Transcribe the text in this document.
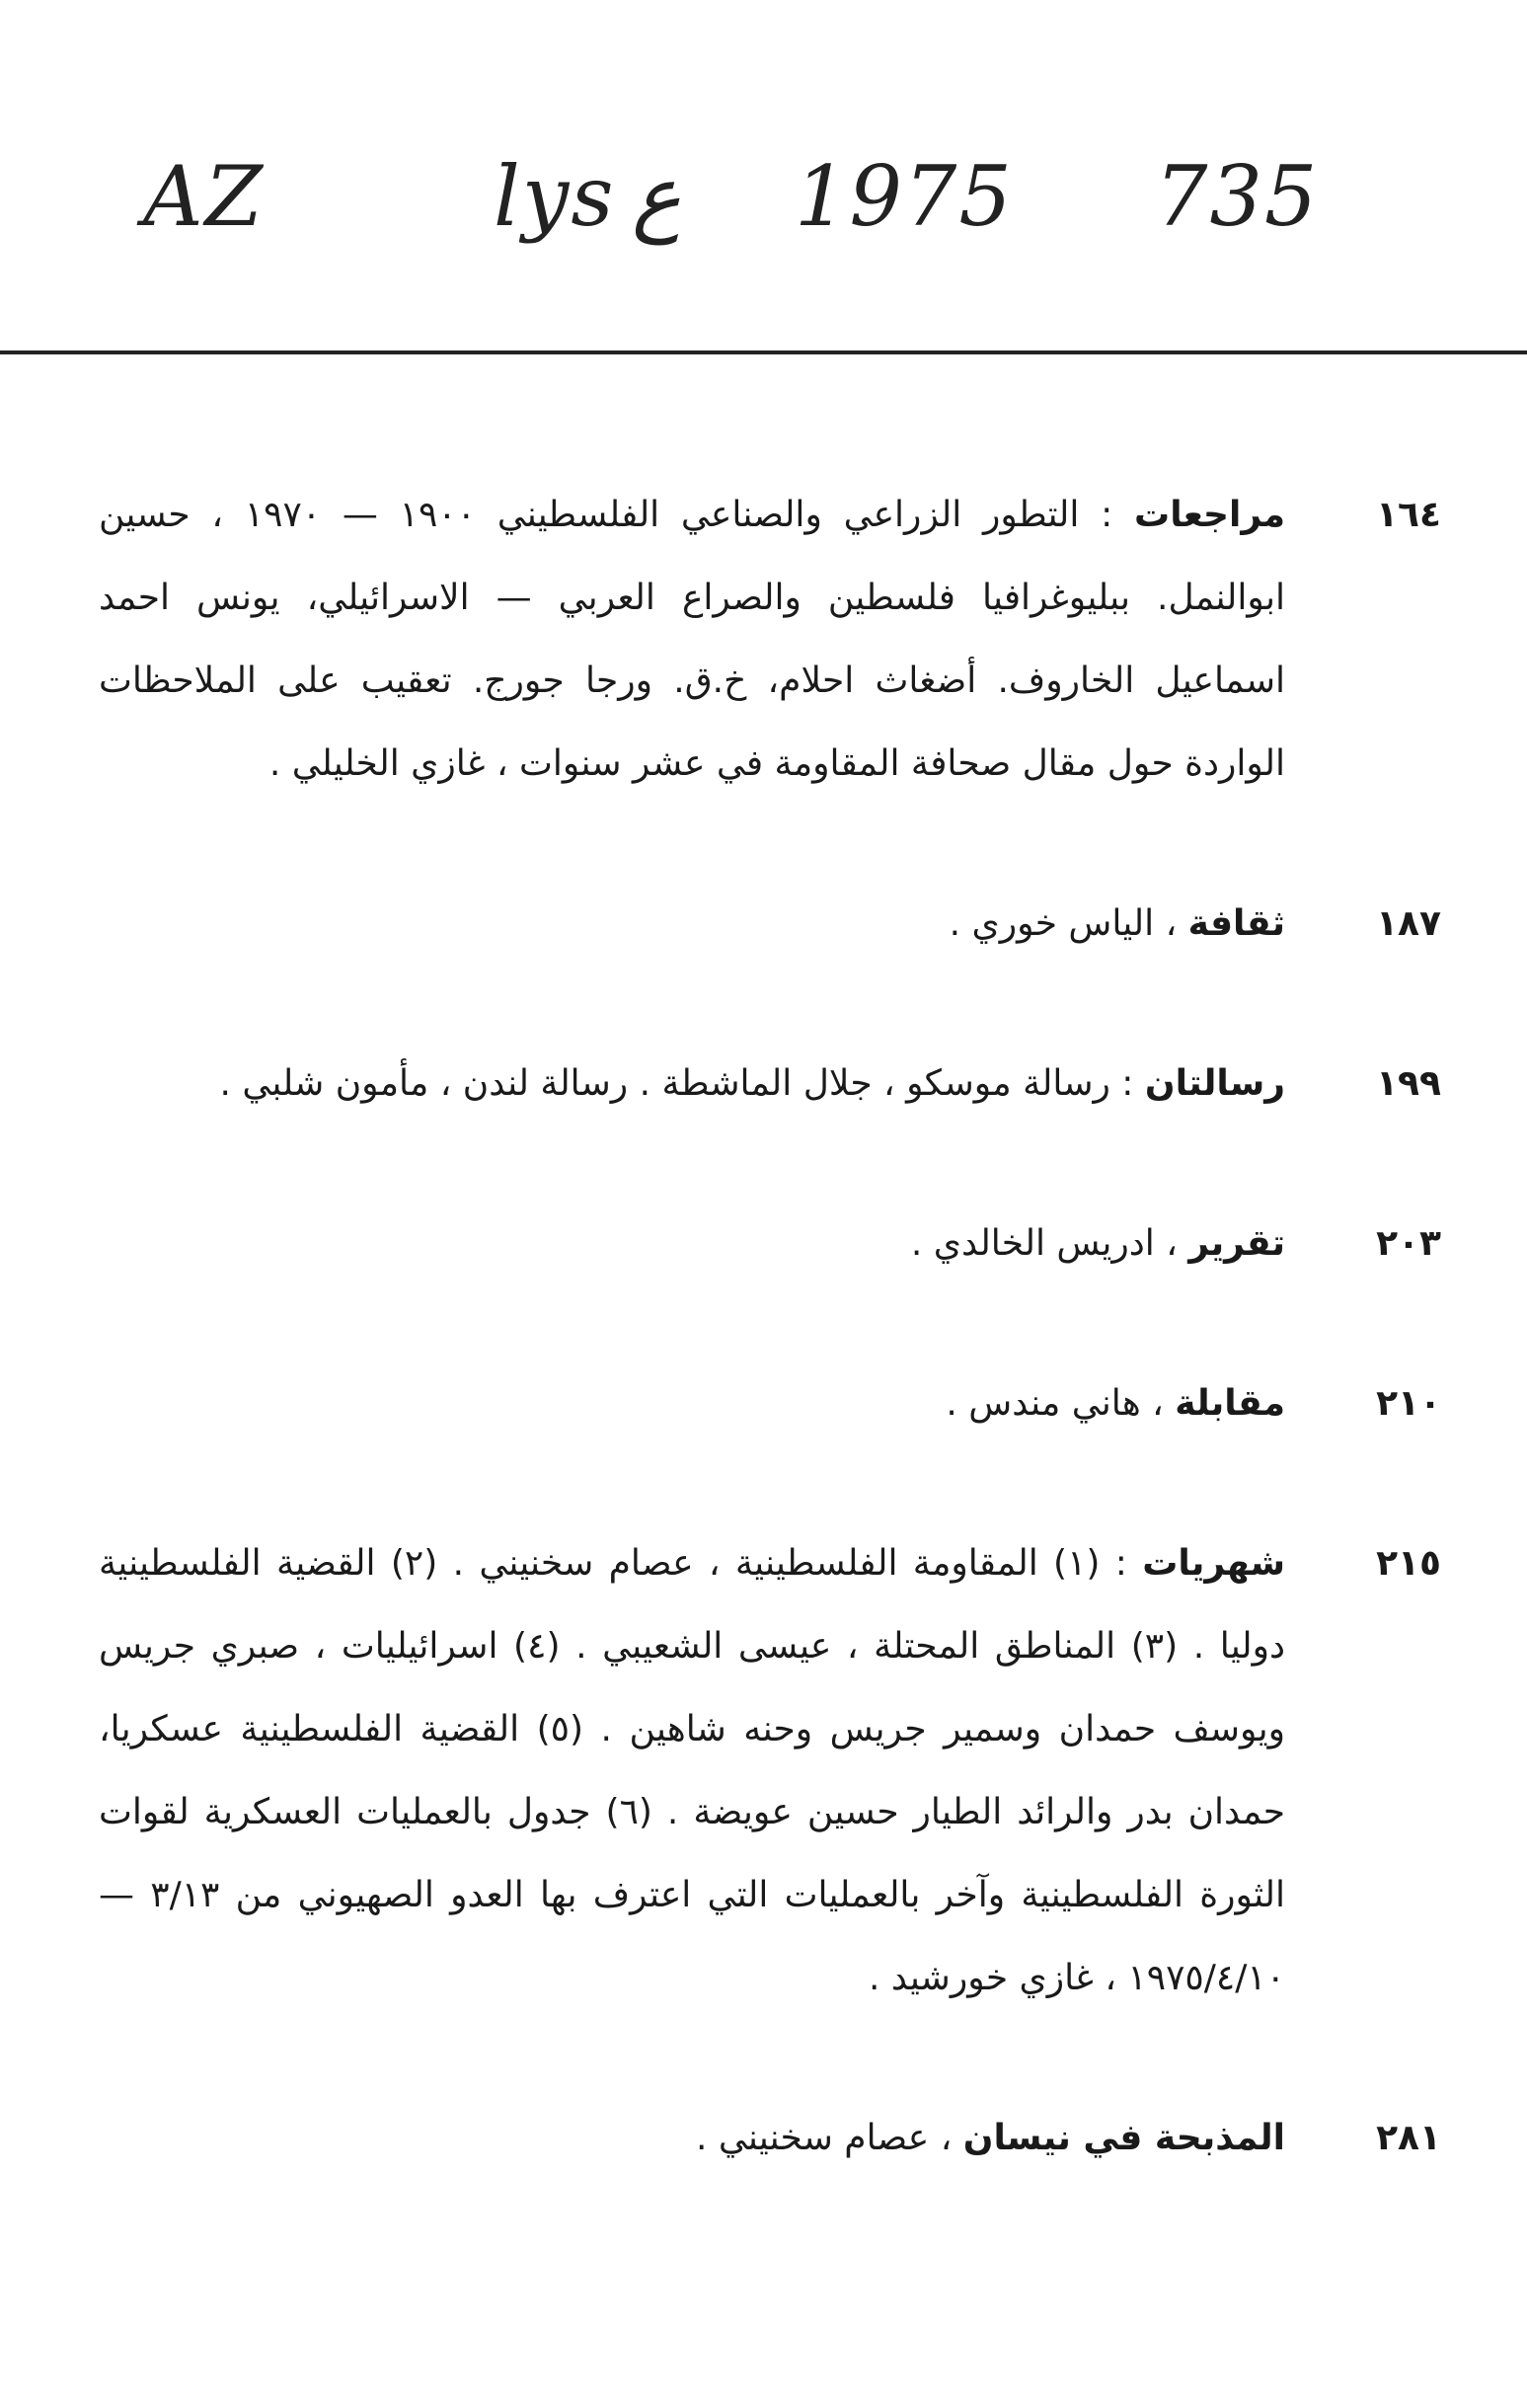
AZ	lys ع 1975 735
١٦٤
مراجعات : التطور الزراعي والصناعي الفلسطيني ١٩٠٠ — ١٩٧٠ ، حسين ابوالنمل. ببليوغرافيا فلسطين والصراع العربي — الاسرائيلي، يونس احمد اسماعيل الخاروف. أضغاث احلام، خ.ق. ورجا جورج. تعقيب على الملاحظات الواردة حول مقال صحافة المقاومة في عشر سنوات ، غازي الخليلي .
١٨٧
ثقافة ، الياس خوري .
١٩٩
رسالتان : رسالة موسكو ، جلال الماشطة . رسالة لندن ، مأمون شلبي .
٢٠٣
تقرير ، ادريس الخالدي .
٢١٠
مقابلة ، هاني مندس .
٢١٥
شهريات : (١) المقاومة الفلسطينية ، عصام سخنيني . (٢) القضية الفلسطينية دوليا . (٣) المناطق المحتلة ، عيسى الشعيبي . (٤) اسرائيليات ، صبري جريس ويوسف حمدان وسمير جريس وحنه شاهين . (٥) القضية الفلسطينية عسكريا، حمدان بدر والرائد الطيار حسين عويضة . (٦) جدول بالعمليات العسكرية لقوات الثورة الفلسطينية وآخر بالعمليات التي اعترف بها العدو الصهيوني من ٣/١٣ — ١٩٧٥/٤/١٠ ، غازي خورشيد .
٢٨١
المذبحة في نيسان ، عصام سخنيني .
